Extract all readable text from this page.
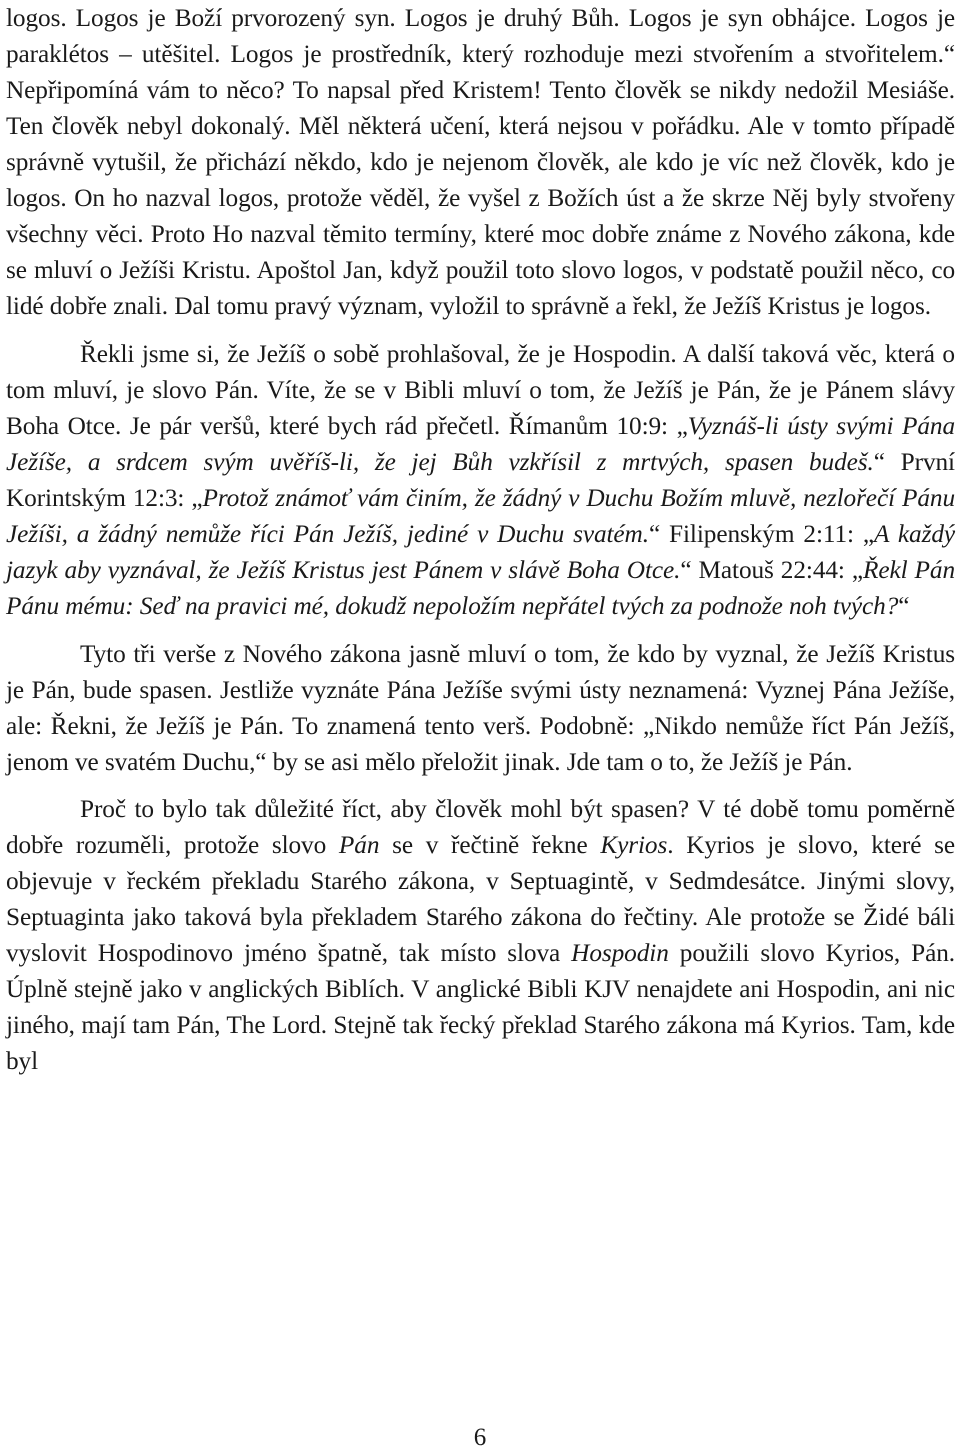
logos. Logos je Boží prvorozený syn. Logos je druhý Bůh. Logos je syn obhájce. Logos je paraklétos – utěšitel. Logos je prostředník, který rozhoduje mezi stvořením a stvořitelem.“ Nepřipomíná vám to něco? To napsal před Kristem! Tento člověk se nikdy nedožil Mesiáše. Ten člověk nebyl dokonalý. Měl některá učení, která nejsou v pořádku. Ale v tomto případě správně vytušil, že přichází někdo, kdo je nejenom člověk, ale kdo je víc než člověk, kdo je logos. On ho nazval logos, protože věděl, že vyšel z Božích úst a že skrze Něj byly stvořeny všechny věci. Proto Ho nazval těmito termíny, které moc dobře známe z Nového zákona, kde se mluví o Ježíši Kristu. Apoštol Jan, když použil toto slovo logos, v podstatě použil něco, co lidé dobře znali. Dal tomu pravý význam, vyložil to správně a řekl, že Ježíš Kristus je logos.

Řekli jsme si, že Ježíš o sobě prohlašoval, že je Hospodin. A další taková věc, která o tom mluví, je slovo Pán. Víte, že se v Bibli mluví o tom, že Ježíš je Pán, že je Pánem slávy Boha Otce. Je pár veršů, které bych rád přečetl. Římanům 10:9: „Vyznáš-li ústy svými Pána Ježíše, a srdcem svým uvěříš-li, že jej Bůh vzkřísil z mrtvých, spasen budeš.“ První Korintským 12:3: „Protož známoť vám činím, že žádný v Duchu Božím mluvě, nezlořečí Pánu Ježíši, a žádný nemůže říci Pán Ježíš, jediné v Duchu svatém.“ Filipenským 2:11: „A každý jazyk aby vyznával, že Ježíš Kristus jest Pánem v slávě Boha Otce.“ Matouš 22:44: „Řekl Pán Pánu mému: Seď na pravici mé, dokudž nepoložím nepřátel tvých za podnože noh tvých?“

Tyto tři verše z Nového zákona jasně mluví o tom, že kdo by vyznal, že Ježíš Kristus je Pán, bude spasen. Jestliže vyznáte Pána Ježíše svými ústy neznamená: Vyznej Pána Ježíše, ale: Řekni, že Ježíš je Pán. To znamená tento verš. Podobně: „Nikdo nemůže říct Pán Ježíš, jenom ve svatém Duchu,“ by se asi mělo přeložit jinak. Jde tam o to, že Ježíš je Pán.

Proč to bylo tak důležité říct, aby člověk mohl být spasen? V té době tomu poměrně dobře rozuměli, protože slovo Pán se v řečtině řekne Kyrios. Kyrios je slovo, které se objevuje v řeckém překladu Starého zákona, v Septuagintě, v Sedmdesátce. Jinými slovy, Septuaginta jako taková byla překladem Starého zákona do řečtiny. Ale protože se Židé báli vyslovit Hospodinovo jméno špatně, tak místo slova Hospodin použili slovo Kyrios, Pán. Úplně stejně jako v anglických Biblích. V anglické Bibli KJV nenajdete ani Hospodin, ani nic jiného, mají tam Pán, The Lord. Stejně tak řecký překlad Starého zákona má Kyrios. Tam, kde byl

6
